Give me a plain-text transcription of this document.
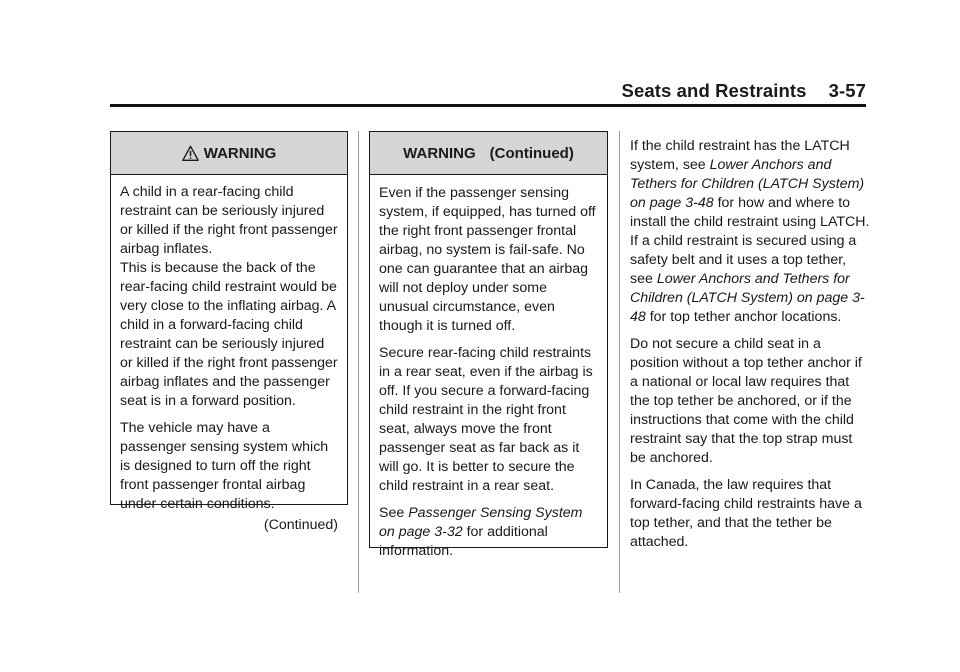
Seats and Restraints 3-57
WARNING

A child in a rear-facing child restraint can be seriously injured or killed if the right front passenger airbag inflates.
This is because the back of the rear-facing child restraint would be very close to the inflating airbag. A child in a forward-facing child restraint can be seriously injured or killed if the right front passenger airbag inflates and the passenger seat is in a forward position.

The vehicle may have a passenger sensing system which is designed to turn off the right front passenger frontal airbag under certain conditions.

(Continued)
WARNING (Continued)

Even if the passenger sensing system, if equipped, has turned off the right front passenger frontal airbag, no system is fail-safe. No one can guarantee that an airbag will not deploy under some unusual circumstance, even though it is turned off.

Secure rear-facing child restraints in a rear seat, even if the airbag is off. If you secure a forward-facing child restraint in the right front seat, always move the front passenger seat as far back as it will go. It is better to secure the child restraint in a rear seat.

See Passenger Sensing System on page 3-32 for additional information.

If the child restraint has the LATCH system, see Lower Anchors and Tethers for Children (LATCH System) on page 3-48 for how and where to install the child restraint using LATCH. If a child restraint is secured using a safety belt and it uses a top tether, see Lower Anchors and Tethers for Children (LATCH System) on page 3-48 for top tether anchor locations.

Do not secure a child seat in a position without a top tether anchor if a national or local law requires that the top tether be anchored, or if the instructions that come with the child restraint say that the top strap must be anchored.

In Canada, the law requires that forward-facing child restraints have a top tether, and that the tether be attached.
